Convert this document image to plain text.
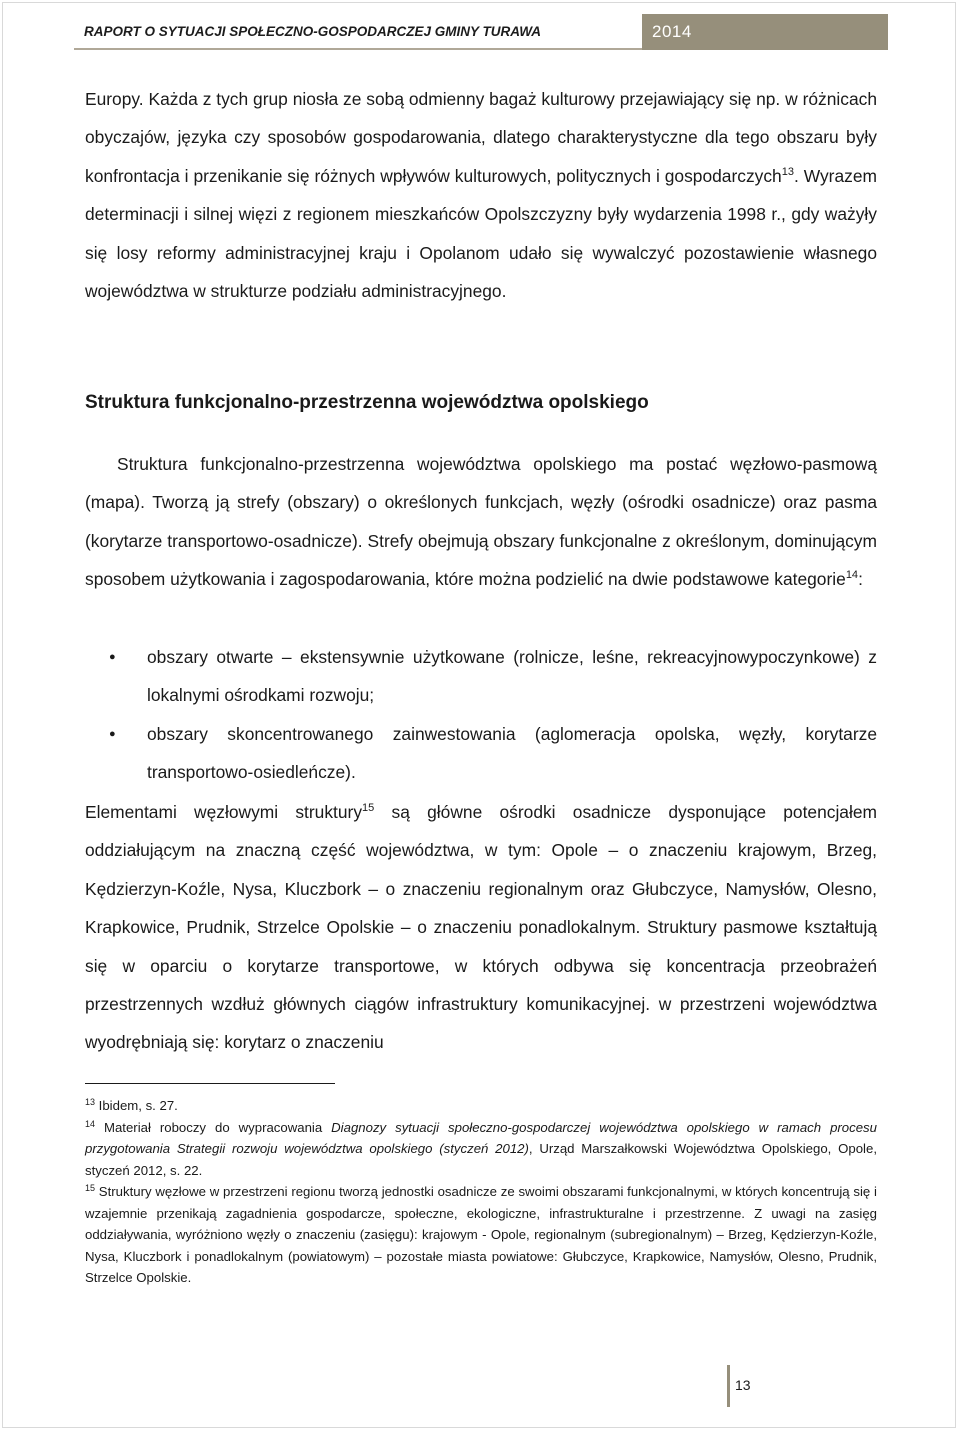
RAPORT O SYTUACJI SPOŁECZNO-GOSPODARCZEJ GMINY TURAWA	2014
Europy. Każda z tych grup niosła ze sobą odmienny bagaż kulturowy przejawiający się np. w różnicach obyczajów, języka czy sposobów gospodarowania, dlatego charakterystyczne dla tego obszaru były konfrontacja i przenikanie się różnych wpływów kulturowych, politycznych i gospodarczych$^{13}$. Wyrazem determinacji i silnej więzi z regionem mieszkańców Opolszczyzny były wydarzenia 1998 r., gdy ważyły się losy reformy administracyjnej kraju i Opolanom udało się wywalczyć pozostawienie własnego województwa w strukturze podziału administracyjnego.
Struktura funkcjonalno-przestrzenna województwa opolskiego
Struktura funkcjonalno-przestrzenna województwa opolskiego ma postać węzłowo-pasmową (mapa). Tworzą ją strefy (obszary) o określonych funkcjach, węzły (ośrodki osadnicze) oraz pasma (korytarze transportowo-osadnicze). Strefy obejmują obszary funkcjonalne z określonym, dominującym sposobem użytkowania i zagospodarowania, które można podzielić na dwie podstawowe kategorie$^{14}$:
● obszary otwarte – ekstensywnie użytkowane (rolnicze, leśne, rekreacyjnowypoczynkowe) z lokalnymi ośrodkami rozwoju;
● obszary skoncentrowanego zainwestowania (aglomeracja opolska, węzły, korytarze transportowo-osiedleńcze).
Elementami węzłowymi struktury$^{15}$ są główne ośrodki osadnicze dysponujące potencjałem oddziałującym na znaczną część województwa, w tym: Opole – o znaczeniu krajowym, Brzeg, Kędzierzyn-Koźle, Nysa, Kluczbork – o znaczeniu regionalnym oraz Głubczyce, Namysłów, Olesno, Krapkowice, Prudnik, Strzelce Opolskie – o znaczeniu ponadlokalnym. Struktury pasmowe kształtują się w oparciu o korytarze transportowe, w których odbywa się koncentracja przeobrażeń przestrzennych wzdłuż głównych ciągów infrastruktury komunikacyjnej. w przestrzeni województwa wyodrębniają się: korytarz o znaczeniu

$^{13}$ Ibidem, s. 27.

$^{14}$ Materiał roboczy do wypracowania Diagnozy sytuacji społeczno-gospodarczej województwa opolskiego w ramach procesu przygotowania Strategii rozwoju województwa opolskiego (styczeń 2012), Urząd Marszałkowski Województwa Opolskiego, Opole, styczeń 2012, s. 22.

$^{15}$ Struktury węzłowe w przestrzeni regionu tworzą jednostki osadnicze ze swoimi obszarami funkcjonalnymi, w których koncentrują się i wzajemnie przenikają zagadnienia gospodarcze, społeczne, ekologiczne, infrastrukturalne i przestrzenne. Z uwagi na zasięg oddziaływania, wyróżniono węzły o znaczeniu (zasięgu): krajowym - Opole, regionalnym (subregionalnym) – Brzeg, Kędzierzyn-Koźle, Nysa, Kluczbork i ponadlokalnym (powiatowym) – pozostałe miasta powiatowe: Głubczyce, Krapkowice, Namysłów, Olesno, Prudnik, Strzelce Opolskie.

13
